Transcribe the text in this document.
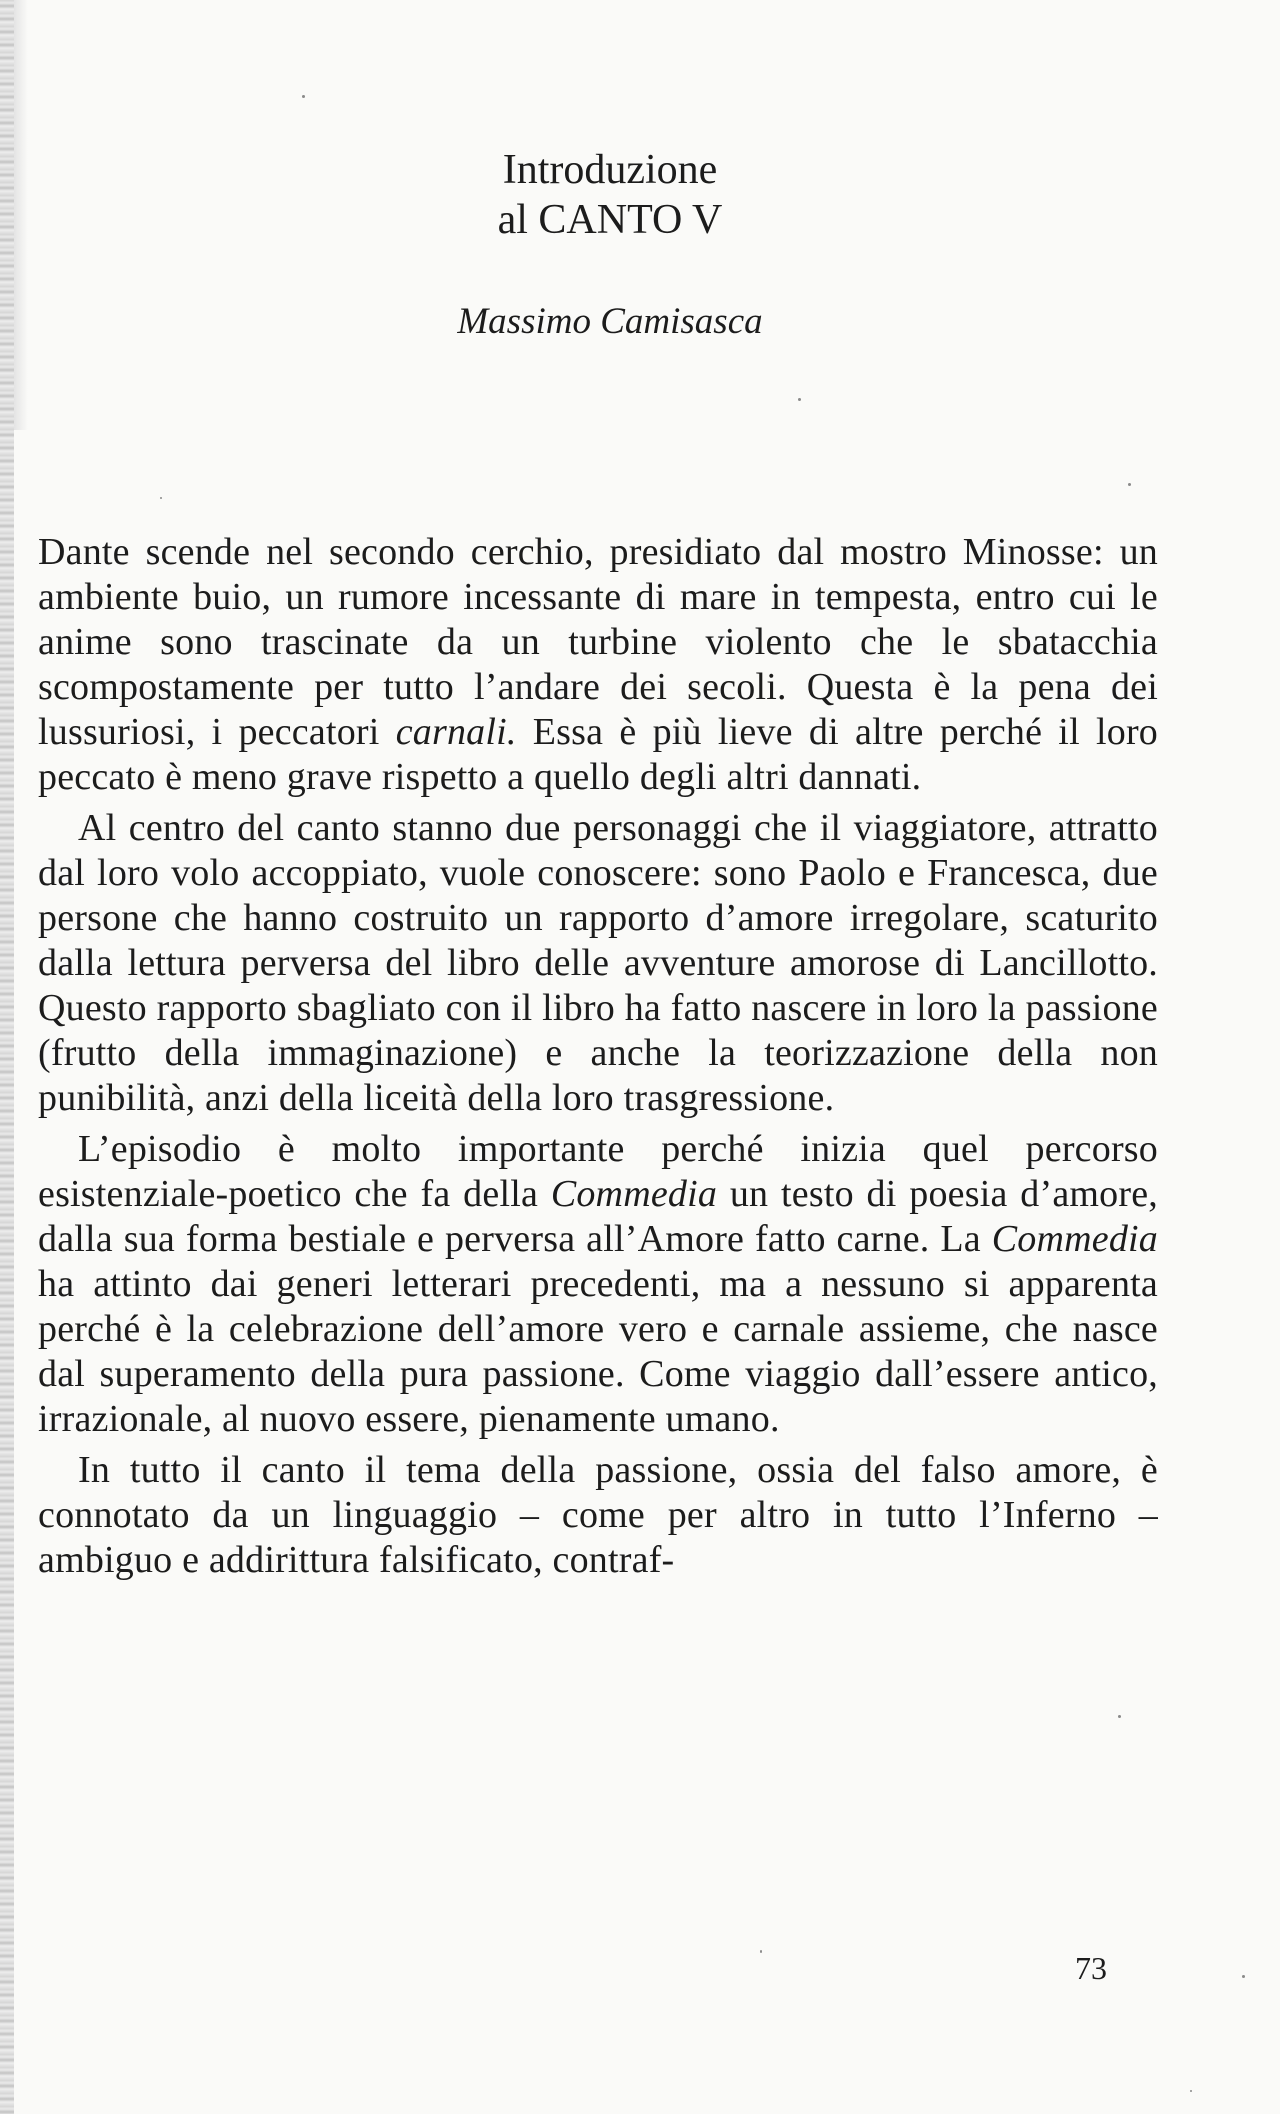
Introduzione
al CANTO V
Massimo Camisasca

Dante scende nel secondo cerchio, presidiato dal mostro Minosse: un ambiente buio, un rumore incessante di mare in tempesta, entro cui le anime sono trascinate da un turbine violento che le sbatacchia scompostamente per tutto l’andare dei secoli. Questa è la pena dei lussuriosi, i peccatori carnali. Essa è più lieve di altre perché il loro peccato è meno grave rispetto a quello degli altri dannati.

Al centro del canto stanno due personaggi che il viaggiatore, attratto dal loro volo accoppiato, vuole conoscere: sono Paolo e Francesca, due persone che hanno costruito un rapporto d’amore irregolare, scaturito dalla lettura perversa del libro delle avventure amorose di Lancillotto. Questo rapporto sbagliato con il libro ha fatto nascere in loro la passione (frutto della immaginazione) e anche la teorizzazione della non punibilità, anzi della liceità della loro trasgressione.

L’episodio è molto importante perché inizia quel percorso esistenziale-poetico che fa della Commedia un testo di poesia d’amore, dalla sua forma bestiale e perversa all’Amore fatto carne. La Commedia ha attinto dai generi letterari precedenti, ma a nessuno si apparenta perché è la celebrazione dell’amore vero e carnale assieme, che nasce dal superamento della pura passione. Come viaggio dall’essere antico, irrazionale, al nuovo essere, pienamente umano.

In tutto il canto il tema della passione, ossia del falso amore, è connotato da un linguaggio – come per altro in tutto l’Inferno – ambiguo e addirittura falsificato, contraf-

73
